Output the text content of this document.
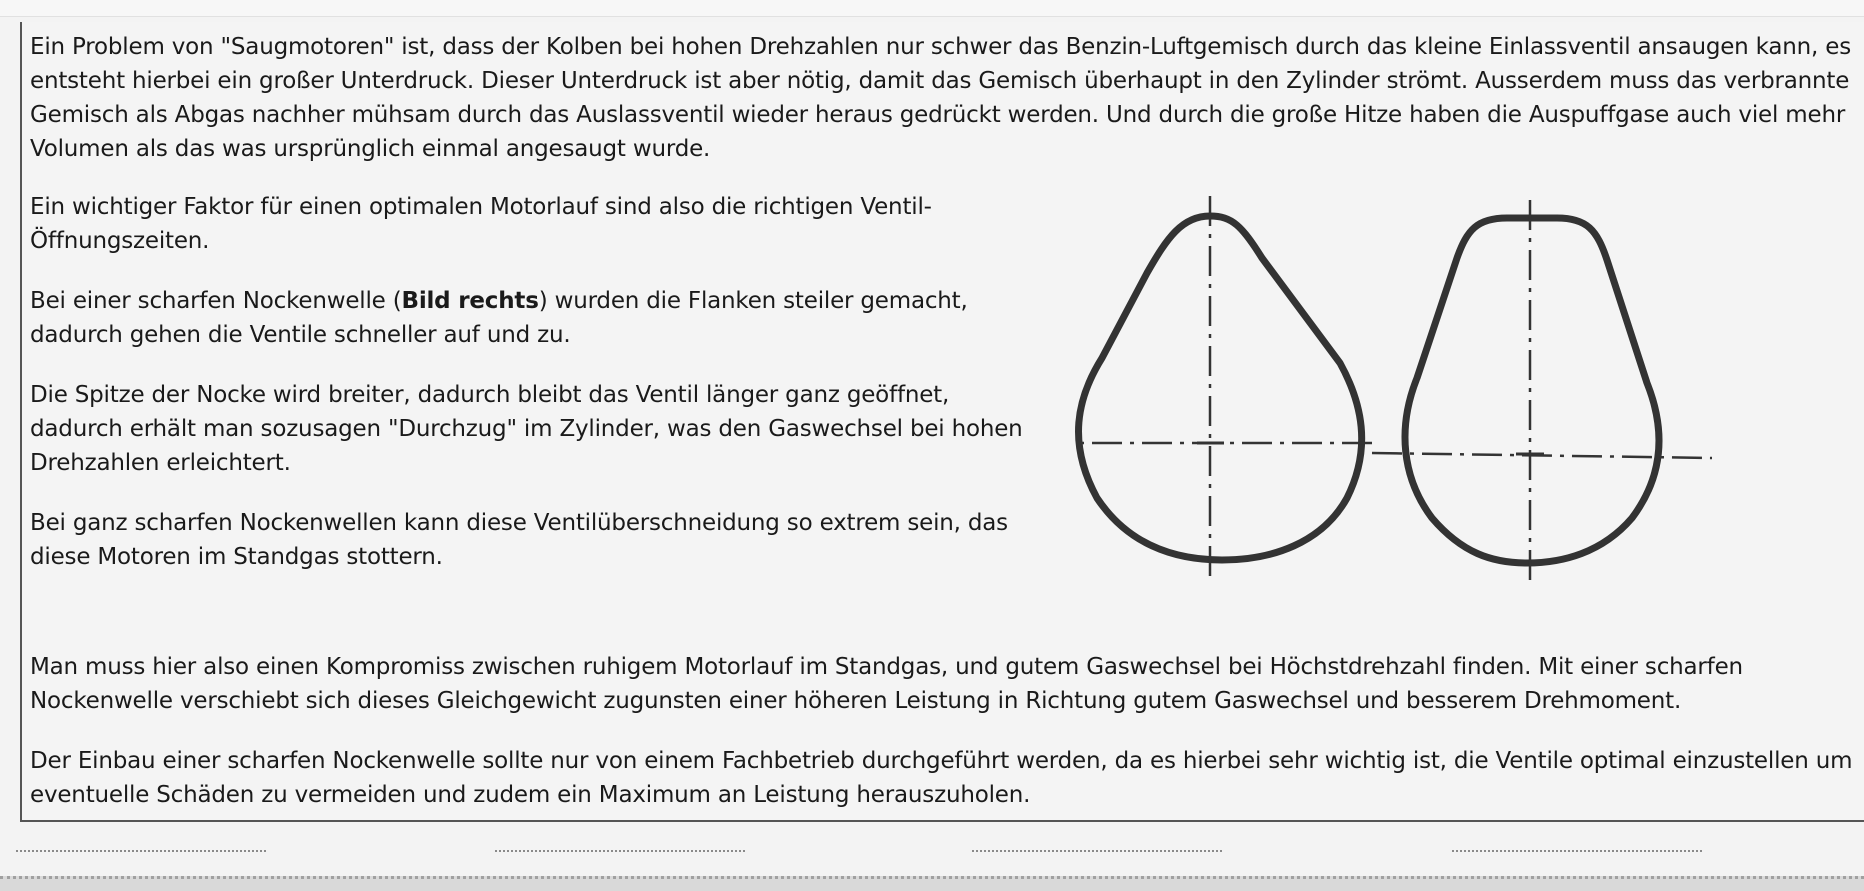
Ein Problem von "Saugmotoren" ist, dass der Kolben bei hohen Drehzahlen nur schwer das Benzin-Luftgemisch durch das kleine Einlassventil ansaugen kann, es entsteht hierbei ein großer Unterdruck. Dieser Unterdruck ist aber nötig, damit das Gemisch überhaupt in den Zylinder strömt. Ausserdem muss das verbrannte Gemisch als Abgas nachher mühsam durch das Auslassventil wieder heraus gedrückt werden. Und durch die große Hitze haben die Auspuffgase auch viel mehr Volumen als das was ursprünglich einmal angesaugt wurde.

Ein wichtiger Faktor für einen optimalen Motorlauf sind also die richtigen Ventil-Öffnungszeiten.

Bei einer scharfen Nockenwelle (Bild rechts) wurden die Flanken steiler gemacht, dadurch gehen die Ventile schneller auf und zu.

Die Spitze der Nocke wird breiter, dadurch bleibt das Ventil länger ganz geöffnet, dadurch erhält man sozusagen "Durchzug" im Zylinder, was den Gaswechsel bei hohen Drehzahlen erleichtert.

Bei ganz scharfen Nockenwellen kann diese Ventilüberschneidung so extrem sein, das diese Motoren im Standgas stottern.

Man muss hier also einen Kompromiss zwischen ruhigem Motorlauf im Standgas, und gutem Gaswechsel bei Höchstdrehzahl finden. Mit einer scharfen Nockenwelle verschiebt sich dieses Gleichgewicht zugunsten einer höheren Leistung in Richtung gutem Gaswechsel und besserem Drehmoment.

Der Einbau einer scharfen Nockenwelle sollte nur von einem Fachbetrieb durchgeführt werden, da es hierbei sehr wichtig ist, die Ventile optimal einzustellen um eventuelle Schäden zu vermeiden und zudem ein Maximum an Leistung herauszuholen.
